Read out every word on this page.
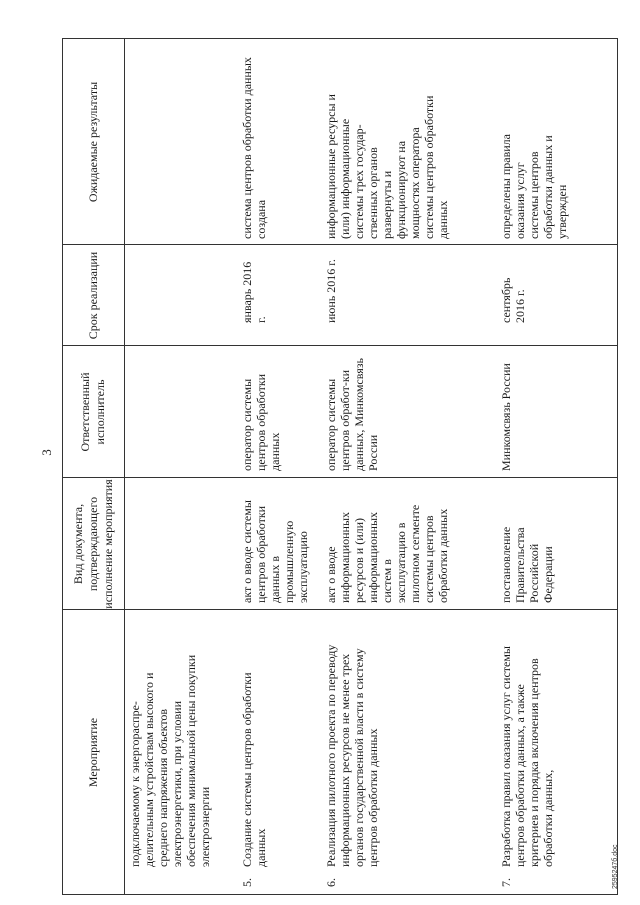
3
Мероприятие
Вид документа, подтверждающего исполнение мероприятия
Ответственный исполнитель
Срок реализации
Ожидаемые результаты
подключаемому к энергораспре-делительным устройствам высокого и среднего напряжения объектов электроэнергетики, при условии обеспечения минимальной цены покупки электроэнергии
5.
Создание системы центров обработки данных
акт о вводе системы центров обработки данных в промышленную эксплуатацию
оператор системы центров обработки данных
январь 2016 г.
система центров обработки данных создана
6.
Реализация пилотного проекта по переводу информационных ресурсов не менее трех органов государственной власти в систему центров обработки данных
акт о вводе информационных ресурсов и (или) информационных систем в эксплуатацию в пилотном сегменте системы центров обработки данных
оператор системы центров обработ-ки данных, Минкомсвязь России
июнь 2016 г.
информационные ресурсы и (или) информационные системы трех государ-ственных органов развернуты и функционируют на мощностях оператора системы центров обработки данных
7.
Разработка правил оказания услуг системы центров обработки данных, а также критериев и порядка включения центров обработки данных,
постановление Правительства Российской Федерации
Минкомсвязь России
сентябрь 2016 г.
определены правила оказания услуг системы центров обработки данных и утвержден
2595247б.doc
